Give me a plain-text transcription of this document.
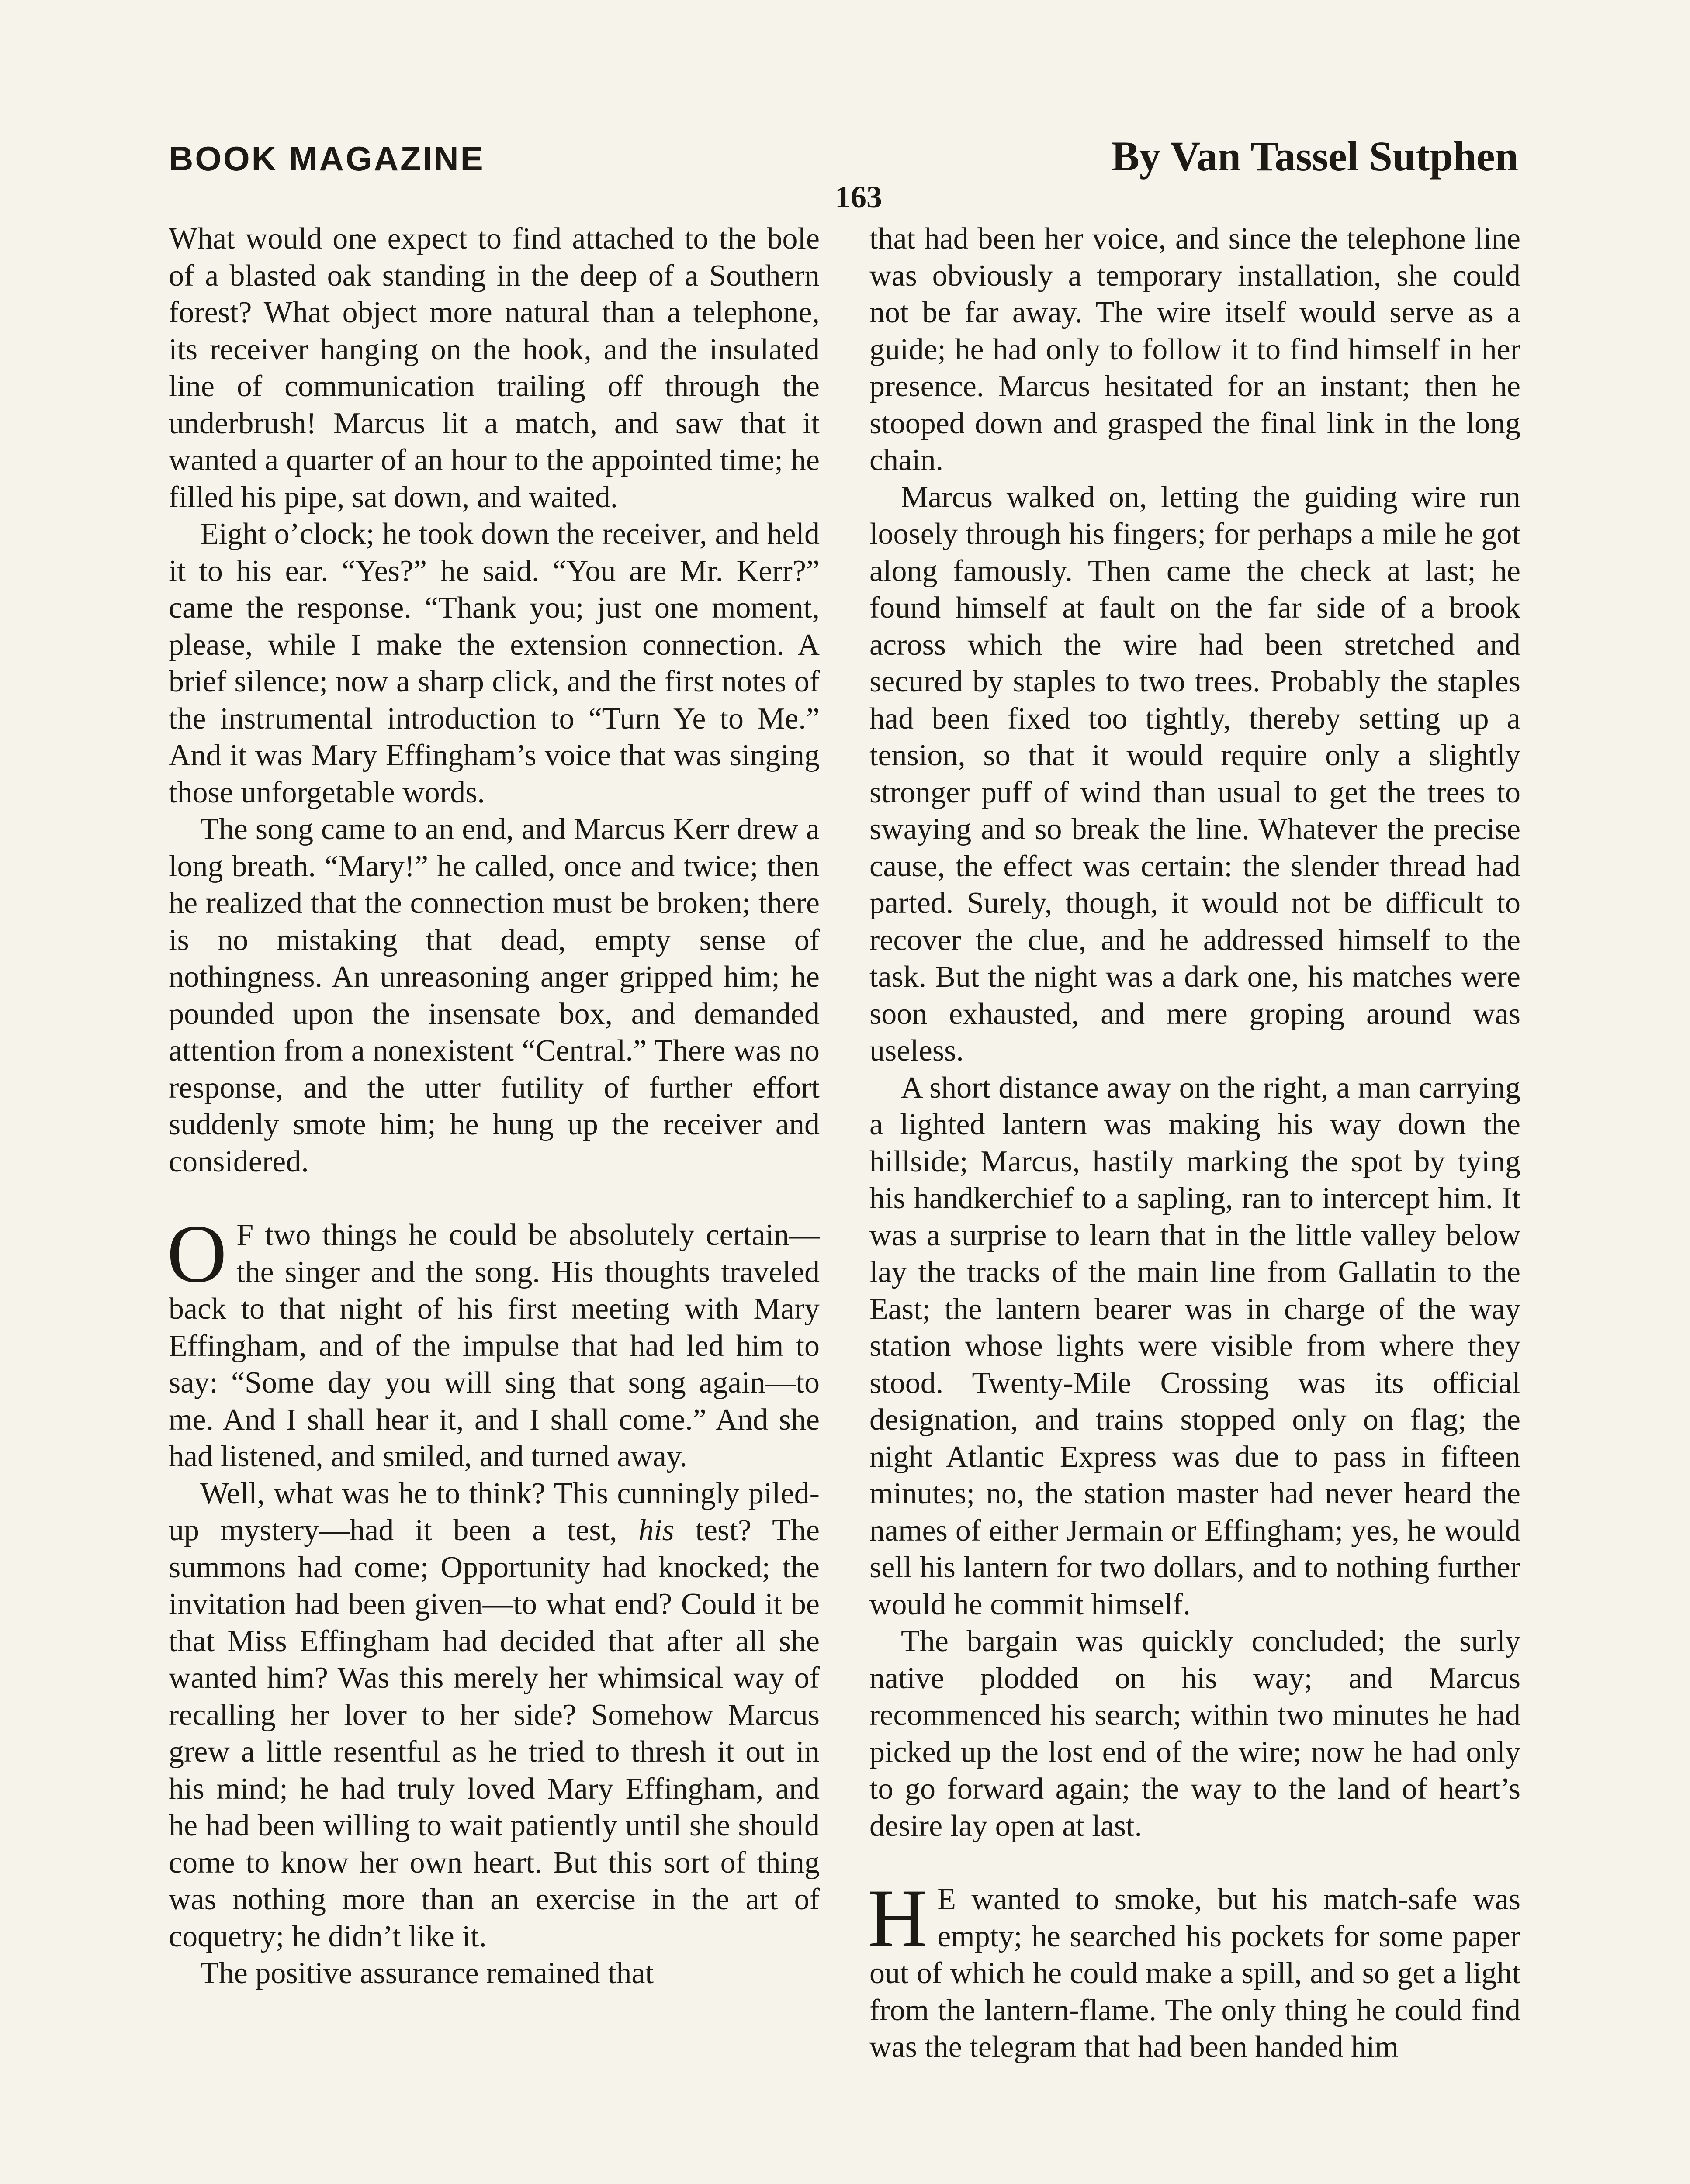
BOOK MAGAZINE	By Van Tassel Sutphen
163

What would one expect to find attached to the bole of a blasted oak standing in the deep of a Southern forest? What object more natural than a telephone, its receiver hanging on the hook, and the insulated line of communication trailing off through the underbrush! Marcus lit a match, and saw that it wanted a quarter of an hour to the appointed time; he filled his pipe, sat down, and waited.

Eight o’clock; he took down the receiver, and held it to his ear. “Yes?” he said. “You are Mr. Kerr?” came the response. “Thank you; just one moment, please, while I make the extension connection. A brief silence; now a sharp click, and the first notes of the instrumental introduction to “Turn Ye to Me.” And it was Mary Effingham’s voice that was singing those unforgetable words.

The song came to an end, and Marcus Kerr drew a long breath. “Mary!” he called, once and twice; then he realized that the connection must be broken; there is no mistaking that dead, empty sense of nothingness. An unreasoning anger gripped him; he pounded upon the insensate box, and demanded attention from a nonexistent “Central.” There was no response, and the utter futility of further effort suddenly smote him; he hung up the receiver and considered.

O F two things he could be absolutely certain—the singer and the song. His thoughts traveled back to that night of his first meeting with Mary Effingham, and of the impulse that had led him to say: “Some day you will sing that song again—to me. And I shall hear it, and I shall come.” And she had listened, and smiled, and turned away.

Well, what was he to think? This cunningly piled-up mystery—had it been a test, his test? The summons had come; Opportunity had knocked; the invitation had been given—to what end? Could it be that Miss Effingham had decided that after all she wanted him? Was this merely her whimsical way of recalling her lover to her side? Somehow Marcus grew a little resentful as he tried to thresh it out in his mind; he had truly loved Mary Effingham, and he had been willing to wait patiently until she should come to know her own heart. But this sort of thing was nothing more than an exercise in the art of coquetry; he didn’t like it.

The positive assurance remained that

that had been her voice, and since the telephone line was obviously a temporary installation, she could not be far away. The wire itself would serve as a guide; he had only to follow it to find himself in her presence. Marcus hesitated for an instant; then he stooped down and grasped the final link in the long chain.

Marcus walked on, letting the guiding wire run loosely through his fingers; for perhaps a mile he got along famously. Then came the check at last; he found himself at fault on the far side of a brook across which the wire had been stretched and secured by staples to two trees. Probably the staples had been fixed too tightly, thereby setting up a tension, so that it would require only a slightly stronger puff of wind than usual to get the trees to swaying and so break the line. Whatever the precise cause, the effect was certain: the slender thread had parted. Surely, though, it would not be difficult to recover the clue, and he addressed himself to the task. But the night was a dark one, his matches were soon exhausted, and mere groping around was useless.

A short distance away on the right, a man carrying a lighted lantern was making his way down the hillside; Marcus, hastily marking the spot by tying his handkerchief to a sapling, ran to intercept him. It was a surprise to learn that in the little valley below lay the tracks of the main line from Gallatin to the East; the lantern bearer was in charge of the way station whose lights were visible from where they stood. Twenty-Mile Crossing was its official designation, and trains stopped only on flag; the night Atlantic Express was due to pass in fifteen minutes; no, the station master had never heard the names of either Jermain or Effingham; yes, he would sell his lantern for two dollars, and to nothing further would he commit himself.

The bargain was quickly concluded; the surly native plodded on his way; and Marcus recommenced his search; within two minutes he had picked up the lost end of the wire; now he had only to go forward again; the way to the land of heart’s desire lay open at last.

H E wanted to smoke, but his match-safe was empty; he searched his pockets for some paper out of which he could make a spill, and so get a light from the lantern-flame. The only thing he could find was the telegram that had been handed him
